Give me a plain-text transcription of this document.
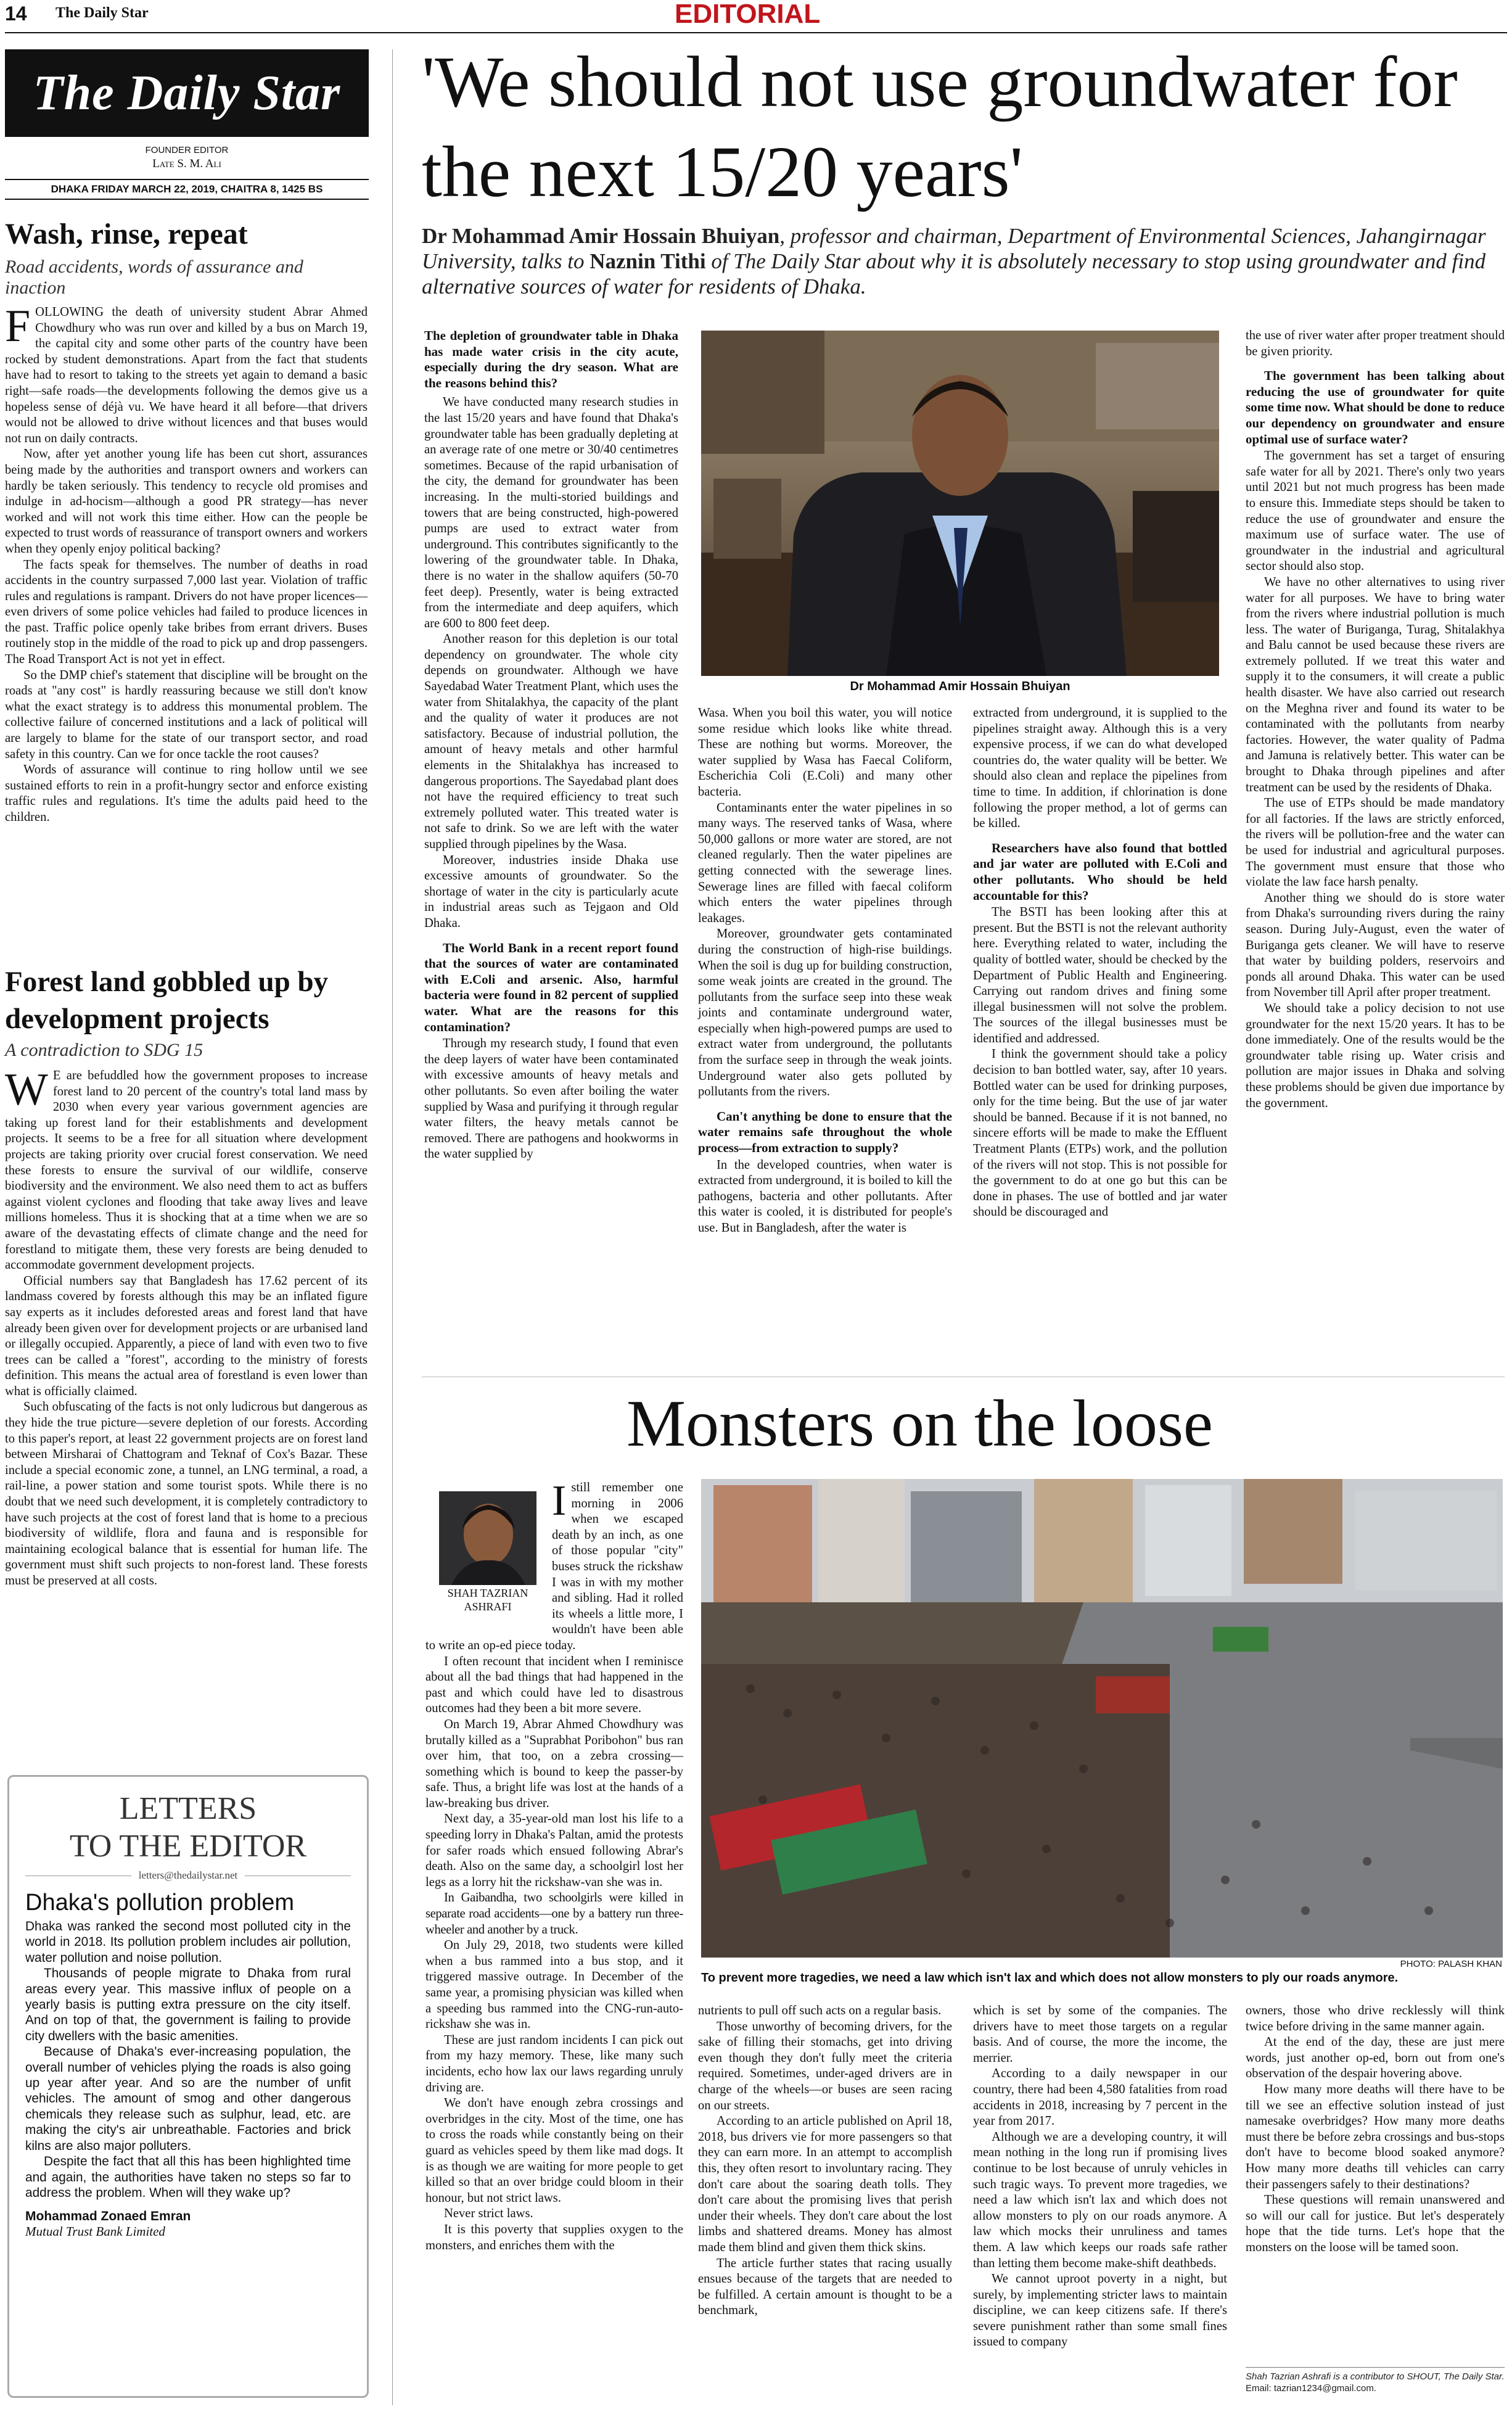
14 The Daily Star	EDITORIAL
The Daily Star
FOUNDER EDITOR
Late S. M. Ali
DHAKA FRIDAY MARCH 22, 2019, CHAITRA 8, 1425 BS
Wash, rinse, repeat
Road accidents, words of assurance and inaction

FOLLOWING the death of university student Abrar Ahmed Chowdhury who was run over and killed by a bus on March 19, the capital city and some other parts of the country have been rocked by student demonstrations. Apart from the fact that students have had to resort to taking to the streets yet again to demand a basic right—safe roads—the developments following the demos give us a hopeless sense of déjà vu. We have heard it all before—that drivers would not be allowed to drive without licences and that buses would not run on daily contracts.

Now, after yet another young life has been cut short, assurances being made by the authorities and transport owners and workers can hardly be taken seriously. This tendency to recycle old promises and indulge in ad-hocism—although a good PR strategy—has never worked and will not work this time either. How can the people be expected to trust words of reassurance of transport owners and workers when they openly enjoy political backing?

The facts speak for themselves. The number of deaths in road accidents in the country surpassed 7,000 last year. Violation of traffic rules and regulations is rampant. Drivers do not have proper licences—even drivers of some police vehicles had failed to produce licences in the past. Traffic police openly take bribes from errant drivers. Buses routinely stop in the middle of the road to pick up and drop passengers. The Road Transport Act is not yet in effect.

So the DMP chief's statement that discipline will be brought on the roads at "any cost" is hardly reassuring because we still don't know what the exact strategy is to address this monumental problem. The collective failure of concerned institutions and a lack of political will are largely to blame for the state of our transport sector, and road safety in this country. Can we for once tackle the root causes?

Words of assurance will continue to ring hollow until we see sustained efforts to rein in a profit-hungry sector and enforce existing traffic rules and regulations. It's time the adults paid heed to the children.

Forest land gobbled up by development projects
A contradiction to SDG 15

W E are befuddled how the government proposes to increase forest land to 20 percent of the country's total land mass by 2030 when every year various government agencies are taking up forest land for their establishments and development projects. It seems to be a free for all situation where development projects are taking priority over crucial forest conservation. We need these forests to ensure the survival of our wildlife, conserve biodiversity and the environment. We also need them to act as buffers against violent cyclones and flooding that take away lives and leave millions homeless. Thus it is shocking that at a time when we are so aware of the devastating effects of climate change and the need for forestland to mitigate them, these very forests are being denuded to accommodate government development projects.

Official numbers say that Bangladesh has 17.62 percent of its landmass covered by forests although this may be an inflated figure say experts as it includes deforested areas and forest land that have already been given over for development projects or are urbanised land or illegally occupied. Apparently, a piece of land with even two to five trees can be called a "forest", according to the ministry of forests definition. This means the actual area of forestland is even lower than what is officially claimed.

Such obfuscating of the facts is not only ludicrous but dangerous as they hide the true picture—severe depletion of our forests. According to this paper's report, at least 22 government projects are on forest land between Mirsharai of Chattogram and Teknaf of Cox's Bazar. These include a special economic zone, a tunnel, an LNG terminal, a road, a rail-line, a power station and some tourist spots. While there is no doubt that we need such development, it is completely contradictory to have such projects at the cost of forest land that is home to a precious biodiversity of wildlife, flora and fauna and is responsible for maintaining ecological balance that is essential for human life. The government must shift such projects to non-forest land. These forests must be preserved at all costs.

LETTERS
TO THE EDITOR
letters@thedailystar.net
Dhaka's pollution problem

Dhaka was ranked the second most polluted city in the world in 2018. Its pollution problem includes air pollution, water pollution and noise pollution.

Thousands of people migrate to Dhaka from rural areas every year. This massive influx of people on a yearly basis is putting extra pressure on the city itself. And on top of that, the government is failing to provide city dwellers with the basic amenities.

Because of Dhaka's ever-increasing population, the overall number of vehicles plying the roads is also going up year after year. And so are the number of unfit vehicles. The amount of smog and other dangerous chemicals they release such as sulphur, lead, etc. are making the city's air unbreathable. Factories and brick kilns are also major polluters.

Despite the fact that all this has been highlighted time and again, the authorities have taken no steps so far to address the problem. When will they wake up?

Mohammad Zonaed Emran
Mutual Trust Bank Limited
'We should not use groundwater for the next 15/20 years'
Dr Mohammad Amir Hossain Bhuiyan, professor and chairman, Department of Environmental Sciences, Jahangirnagar University, talks to Naznin Tithi of The Daily Star about why it is absolutely necessary to stop using groundwater and find alternative sources of water for residents of Dhaka.
Dr Mohammad Amir Hossain Bhuiyan

The depletion of groundwater table in Dhaka has made water crisis in the city acute, especially during the dry season. What are the reasons behind this?

We have conducted many research studies in the last 15/20 years and have found that Dhaka's groundwater table has been gradually depleting at an average rate of one metre or 30/40 centimetres sometimes. Because of the rapid urbanisation of the city, the demand for groundwater has been increasing. In the multi-storied buildings and towers that are being constructed, high-powered pumps are used to extract water from underground. This contributes significantly to the lowering of the groundwater table. In Dhaka, there is no water in the shallow aquifers (50-70 feet deep). Presently, water is being extracted from the intermediate and deep aquifers, which are 600 to 800 feet deep.

Another reason for this depletion is our total dependency on groundwater. The whole city depends on groundwater. Although we have Sayedabad Water Treatment Plant, which uses the water from Shitalakhya, the capacity of the plant and the quality of water it produces are not satisfactory. Because of industrial pollution, the amount of heavy metals and other harmful elements in the Shitalakhya has increased to dangerous proportions. The Sayedabad plant does not have the required efficiency to treat such extremely polluted water. This treated water is not safe to drink. So we are left with the water supplied through pipelines by the Wasa.

Moreover, industries inside Dhaka use excessive amounts of groundwater. So the shortage of water in the city is particularly acute in industrial areas such as Tejgaon and Old Dhaka.

The World Bank in a recent report found that the sources of water are contaminated with E.Coli and arsenic. Also, harmful bacteria were found in 82 percent of supplied water. What are the reasons for this contamination?

Through my research study, I found that even the deep layers of water have been contaminated with excessive amounts of heavy metals and other pollutants. So even after boiling the water supplied by Wasa and purifying it through regular water filters, the heavy metals cannot be removed. There are pathogens and hookworms in the water supplied by

Wasa. When you boil this water, you will notice some residue which looks like white thread. These are nothing but worms. Moreover, the water supplied by Wasa has Faecal Coliform, Escherichia Coli (E.Coli) and many other bacteria.

Contaminants enter the water pipelines in so many ways. The reserved tanks of Wasa, where 50,000 gallons or more water are stored, are not cleaned regularly. Then the water pipelines are getting connected with the sewerage lines. Sewerage lines are filled with faecal coliform which enters the water pipelines through leakages.

Moreover, groundwater gets contaminated during the construction of high-rise buildings. When the soil is dug up for building construction, some weak joints are created in the ground. The pollutants from the surface seep into these weak joints and contaminate underground water, especially when high-powered pumps are used to extract water from underground, the pollutants from the surface seep in through the weak joints. Underground water also gets polluted by pollutants from the rivers.

Can't anything be done to ensure that the water remains safe throughout the whole process—from extraction to supply?

In the developed countries, when water is extracted from underground, it is boiled to kill the pathogens, bacteria and other pollutants. After this water is cooled, it is distributed for people's use. But in Bangladesh, after the water is

extracted from underground, it is supplied to the pipelines straight away. Although this is a very expensive process, if we can do what developed countries do, the water quality will be better. We should also clean and replace the pipelines from time to time. In addition, if chlorination is done following the proper method, a lot of germs can be killed.

Researchers have also found that bottled and jar water are polluted with E.Coli and other pollutants. Who should be held accountable for this?

The BSTI has been looking after this at present. But the BSTI is not the relevant authority here. Everything related to water, including the quality of bottled water, should be checked by the Department of Public Health and Engineering. Carrying out random drives and fining some illegal businessmen will not solve the problem. The sources of the illegal businesses must be identified and addressed.

I think the government should take a policy decision to ban bottled water, say, after 10 years. Bottled water can be used for drinking purposes, only for the time being. But the use of jar water should be banned. Because if it is not banned, no sincere efforts will be made to make the Effluent Treatment Plants (ETPs) work, and the pollution of the rivers will not stop. This is not possible for the government to do at one go but this can be done in phases. The use of bottled and jar water should be discouraged and

the use of river water after proper treatment should be given priority.

The government has been talking about reducing the use of groundwater for quite some time now. What should be done to reduce our dependency on groundwater and ensure optimal use of surface water?

The government has set a target of ensuring safe water for all by 2021. There's only two years until 2021 but not much progress has been made to ensure this. Immediate steps should be taken to reduce the use of groundwater and ensure the maximum use of surface water. The use of groundwater in the industrial and agricultural sector should also stop.

We have no other alternatives to using river water for all purposes. We have to bring water from the rivers where industrial pollution is much less. The water of Buriganga, Turag, Shitalakhya and Balu cannot be used because these rivers are extremely polluted. If we treat this water and supply it to the consumers, it will create a public health disaster. We have also carried out research on the Meghna river and found its water to be contaminated with the pollutants from nearby factories. However, the water quality of Padma and Jamuna is relatively better. This water can be brought to Dhaka through pipelines and after treatment can be used by the residents of Dhaka.

The use of ETPs should be made mandatory for all factories. If the laws are strictly enforced, the rivers will be pollution-free and the water can be used for industrial and agricultural purposes. The government must ensure that those who violate the law face harsh penalty.

Another thing we should do is store water from Dhaka's surrounding rivers during the rainy season. During July-August, even the water of Buriganga gets cleaner. We will have to reserve that water by building polders, reservoirs and ponds all around Dhaka. This water can be used from November till April after proper treatment.

We should take a policy decision to not use groundwater for the next 15/20 years. It has to be done immediately. One of the results would be the groundwater table rising up. Water crisis and pollution are major issues in Dhaka and solving these problems should be given due importance by the government.

Monsters on the loose
SHAH TAZRIAN ASHRAFI

Istill remember one morning in 2006 when we escaped death by an inch, as one of those popular "city" buses struck the rickshaw I was in with my mother and sibling. Had it rolled its wheels a little more, I wouldn't have been able to write an op-ed piece today.

I often recount that incident when I reminisce about all the bad things that had happened in the past and which could have led to disastrous outcomes had they been a bit more severe.

On March 19, Abrar Ahmed Chowdhury was brutally killed as a "Suprabhat Poribohon" bus ran over him, that too, on a zebra crossing—something which is bound to keep the passer-by safe. Thus, a bright life was lost at the hands of a law-breaking bus driver.

Next day, a 35-year-old man lost his life to a speeding lorry in Dhaka's Paltan, amid the protests for safer roads which ensued following Abrar's death. Also on the same day, a schoolgirl lost her legs as a lorry hit the rickshaw-van she was in.

In Gaibandha, two schoolgirls were killed in separate road accidents—one by a battery run three-wheeler and another by a truck.

On July 29, 2018, two students were killed when a bus rammed into a bus stop, and it triggered massive outrage. In December of the same year, a promising physician was killed when a speeding bus rammed into the CNG-run-auto-rickshaw she was in.

These are just random incidents I can pick out from my hazy memory. These, like many such incidents, echo how lax our laws regarding unruly driving are.

We don't have enough zebra crossings and overbridges in the city. Most of the time, one has to cross the roads while constantly being on their guard as vehicles speed by them like mad dogs. It is as though we are waiting for more people to get killed so that an over bridge could bloom in their honour, but not strict laws.

Never strict laws.

It is this poverty that supplies oxygen to the monsters, and enriches them with the

PHOTO: PALASH KHAN
To prevent more tragedies, we need a law which isn't lax and which does not allow monsters to ply our roads anymore.

nutrients to pull off such acts on a regular basis.

Those unworthy of becoming drivers, for the sake of filling their stomachs, get into driving even though they don't fully meet the criteria required. Sometimes, under-aged drivers are in charge of the wheels—or buses are seen racing on our streets.

According to an article published on April 18, 2018, bus drivers vie for more passengers so that they can earn more. In an attempt to accomplish this, they often resort to involuntary racing. They don't care about the soaring death tolls. They don't care about the promising lives that perish under their wheels. They don't care about the lost limbs and shattered dreams. Money has almost made them blind and given them thick skins.

The article further states that racing usually ensues because of the targets that are needed to be fulfilled. A certain amount is thought to be a benchmark,

which is set by some of the companies. The drivers have to meet those targets on a regular basis. And of course, the more the income, the merrier.

According to a daily newspaper in our country, there had been 4,580 fatalities from road accidents in 2018, increasing by 7 percent in the year from 2017.

Although we are a developing country, it will mean nothing in the long run if promising lives continue to be lost because of unruly vehicles in such tragic ways. To prevent more tragedies, we need a law which isn't lax and which does not allow monsters to ply on our roads anymore. A law which mocks their unruliness and tames them. A law which keeps our roads safe rather than letting them become make-shift deathbeds.

We cannot uproot poverty in a night, but surely, by implementing stricter laws to maintain discipline, we can keep citizens safe. If there's severe punishment rather than some small fines issued to company

owners, those who drive recklessly will think twice before driving in the same manner again.

At the end of the day, these are just mere words, just another op-ed, born out from one's observation of the despair hovering above.

How many more deaths will there have to be till we see an effective solution instead of just namesake overbridges? How many more deaths must there be before zebra crossings and bus-stops don't have to become blood soaked anymore? How many more deaths till vehicles can carry their passengers safely to their destinations?

These questions will remain unanswered and so will our call for justice. But let's desperately hope that the tide turns. Let's hope that the monsters on the loose will be tamed soon.

Shah Tazrian Ashrafi is a contributor to SHOUT, The Daily Star.
Email: tazrian1234@gmail.com.
